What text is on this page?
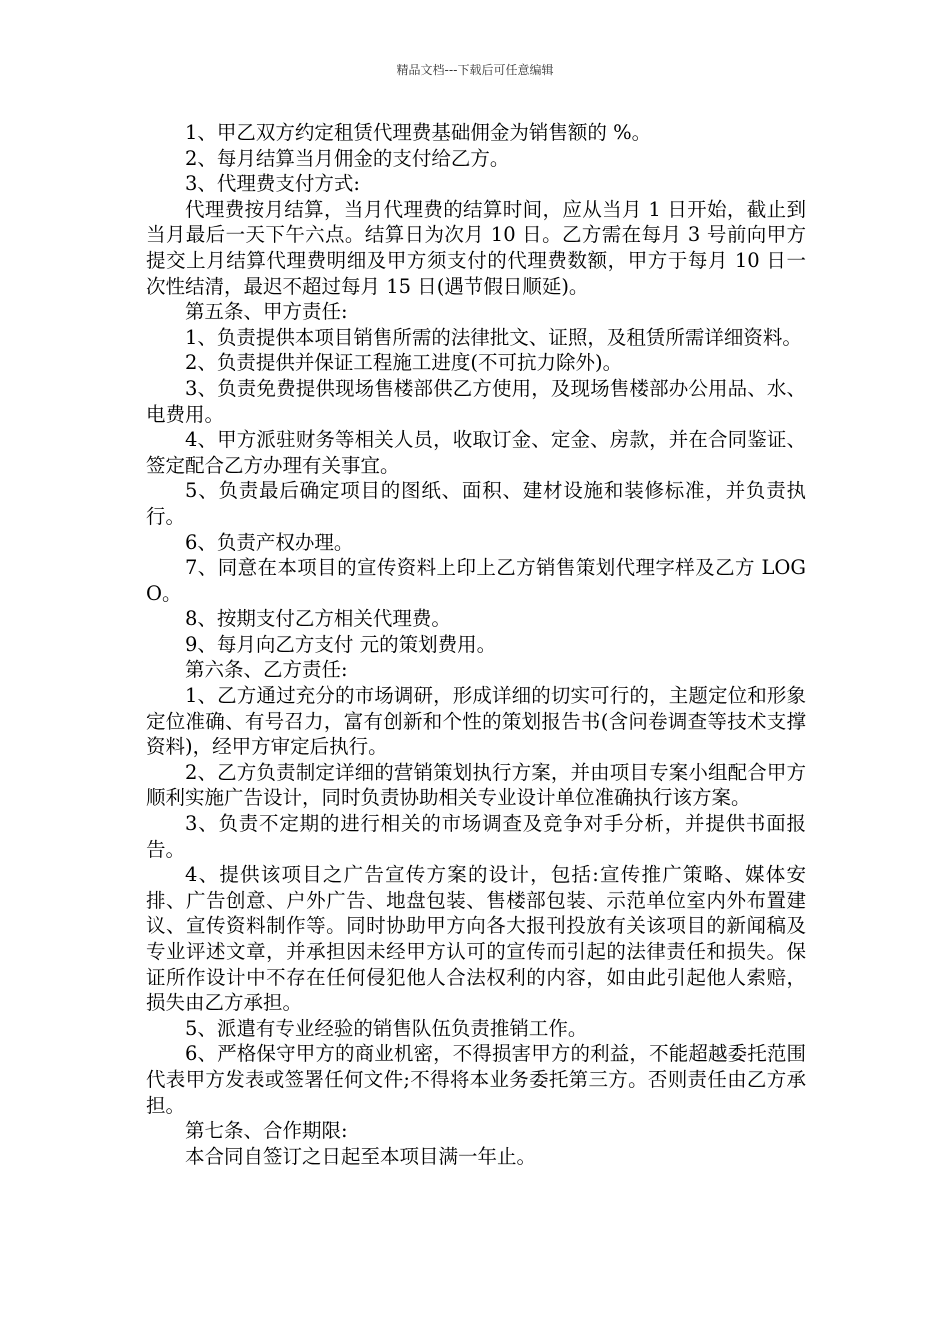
精品文档---下载后可任意编辑

1、甲乙双方约定租赁代理费基础佣金为销售额的 %。

2、每月结算当月佣金的支付给乙方。

3、代理费支付方式:

代理费按月结算，当月代理费的结算时间，应从当月 1 日开始，截止到当月最后一天下午六点。结算日为次月 10 日。乙方需在每月 3 号前向甲方提交上月结算代理费明细及甲方须支付的代理费数额，甲方于每月 10 日一次性结清，最迟不超过每月 15 日(遇节假日顺延)。

第五条、甲方责任:

1、负责提供本项目销售所需的法律批文、证照，及租赁所需详细资料。

2、负责提供并保证工程施工进度(不可抗力除外)。

3、负责免费提供现场售楼部供乙方使用，及现场售楼部办公用品、水、电费用。

4、甲方派驻财务等相关人员，收取订金、定金、房款，并在合同鉴证、签定配合乙方办理有关事宜。

5、负责最后确定项目的图纸、面积、建材设施和装修标准，并负责执行。

6、负责产权办理。

7、同意在本项目的宣传资料上印上乙方销售策划代理字样及乙方 LOGO。

8、按期支付乙方相关代理费。

9、每月向乙方支付 元的策划费用。

第六条、乙方责任:

1、乙方通过充分的市场调研，形成详细的切实可行的，主题定位和形象定位准确、有号召力，富有创新和个性的策划报告书(含问卷调查等技术支撑资料)，经甲方审定后执行。

2、乙方负责制定详细的营销策划执行方案，并由项目专案小组配合甲方顺利实施广告设计，同时负责协助相关专业设计单位准确执行该方案。

3、负责不定期的进行相关的市场调查及竞争对手分析，并提供书面报告。

4、提供该项目之广告宣传方案的设计，包括:宣传推广策略、媒体安排、广告创意、户外广告、地盘包装、售楼部包装、示范单位室内外布置建议、宣传资料制作等。同时协助甲方向各大报刊投放有关该项目的新闻稿及专业评述文章，并承担因未经甲方认可的宣传而引起的法律责任和损失。保证所作设计中不存在任何侵犯他人合法权利的内容，如由此引起他人索赔，损失由乙方承担。

5、派遣有专业经验的销售队伍负责推销工作。

6、严格保守甲方的商业机密，不得损害甲方的利益，不能超越委托范围代表甲方发表或签署任何文件;不得将本业务委托第三方。否则责任由乙方承担。

第七条、合作期限:

本合同自签订之日起至本项目满一年止。
